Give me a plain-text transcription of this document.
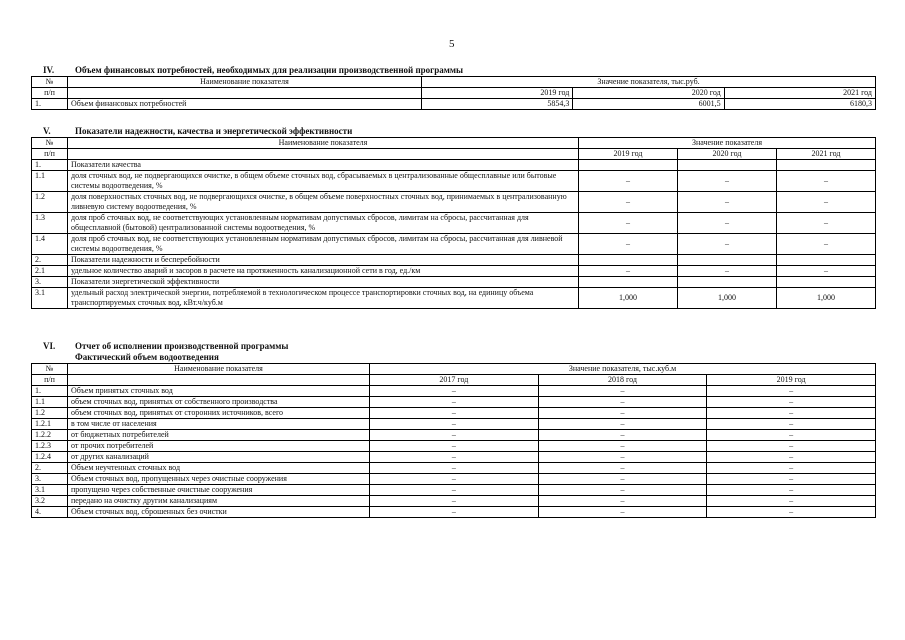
5
IV. Объем финансовых потребностей, необходимых для реализации производственной программы
№	Наименование показателя	Значение показателя, тыс.руб.		
п/п		2019 год	2020 год	2021 год
1.	Объем финансовых потребностей	5854,3	6001,5	6180,3
V.	Показатели надежности, качества и энергетической эффективности
№	Наименование показателя	Значение показателя		
п/п		2019 год	2020 год	2021 год
1.	Показатели качества			
1.1	доля сточных вод, не подвергающихся очистке, в общем объеме сточных вод, сбрасываемых в централизованные общесплавные или бытовые системы водоотведения, %	–	–	–
1.2	доля поверхностных сточных вод, не подвергающихся очистке, в общем объеме поверхностных сточных вод, принимаемых в централизованную ливневую систему водоотведения, %	–	–	–
1.3	доля проб сточных вод, не соответствующих установленным нормативам допустимых сбросов, лимитам на сбросы, рассчитанная для общесплавной (бытовой) централизованной системы водоотведения, %	–	–	–
1.4	доля проб сточных вод, не соответствующих установленным нормативам допустимых сбросов, лимитам на сбросы, рассчитанная для ливневой системы водоотведения, %	–	–	–
2.	Показатели надежности и бесперебойности			
2.1	удельное количество аварий и засоров в расчете на протяженность канализационной сети в год, ед./км	–	–	–
3.	Показатели энергетической эффективности			
3.1	удельный расход электрической энергии, потребляемой в технологическом процессе транспортировки сточных вод, на единицу объема транспортируемых сточных вод, кВт.ч/куб.м	1,000	1,000	1,000
VI. Отчет об исполнении производственной программы
Фактический объем водоотведения
№	Наименование показателя	Значение показателя, тыс.куб.м		
п/п		2017 год	2018 год	2019 год
1.	Объем принятых сточных вод	–	–	–
1.1	объем сточных вод, принятых от собственного производства	–	–	–
1.2	объем сточных вод, принятых от сторонних источников, всего	–	–	–
1.2.1	в том числе от населения	–	–	–
1.2.2	от бюджетных потребителей	–	–	–
1.2.3	от прочих потребителей	–	–	–
1.2.4	от других канализаций	–	–	–
2.	Объем неучтенных сточных вод	–	–	–
3.	Объем сточных вод, пропущенных через очистные сооружения	–	–	–
3.1	пропущено через собственные очистные сооружения	–	–	–
3.2	передано на очистку другим канализациям	–	–	–
4.	Объем сточных вод, сброшенных без очистки	–	–	–
